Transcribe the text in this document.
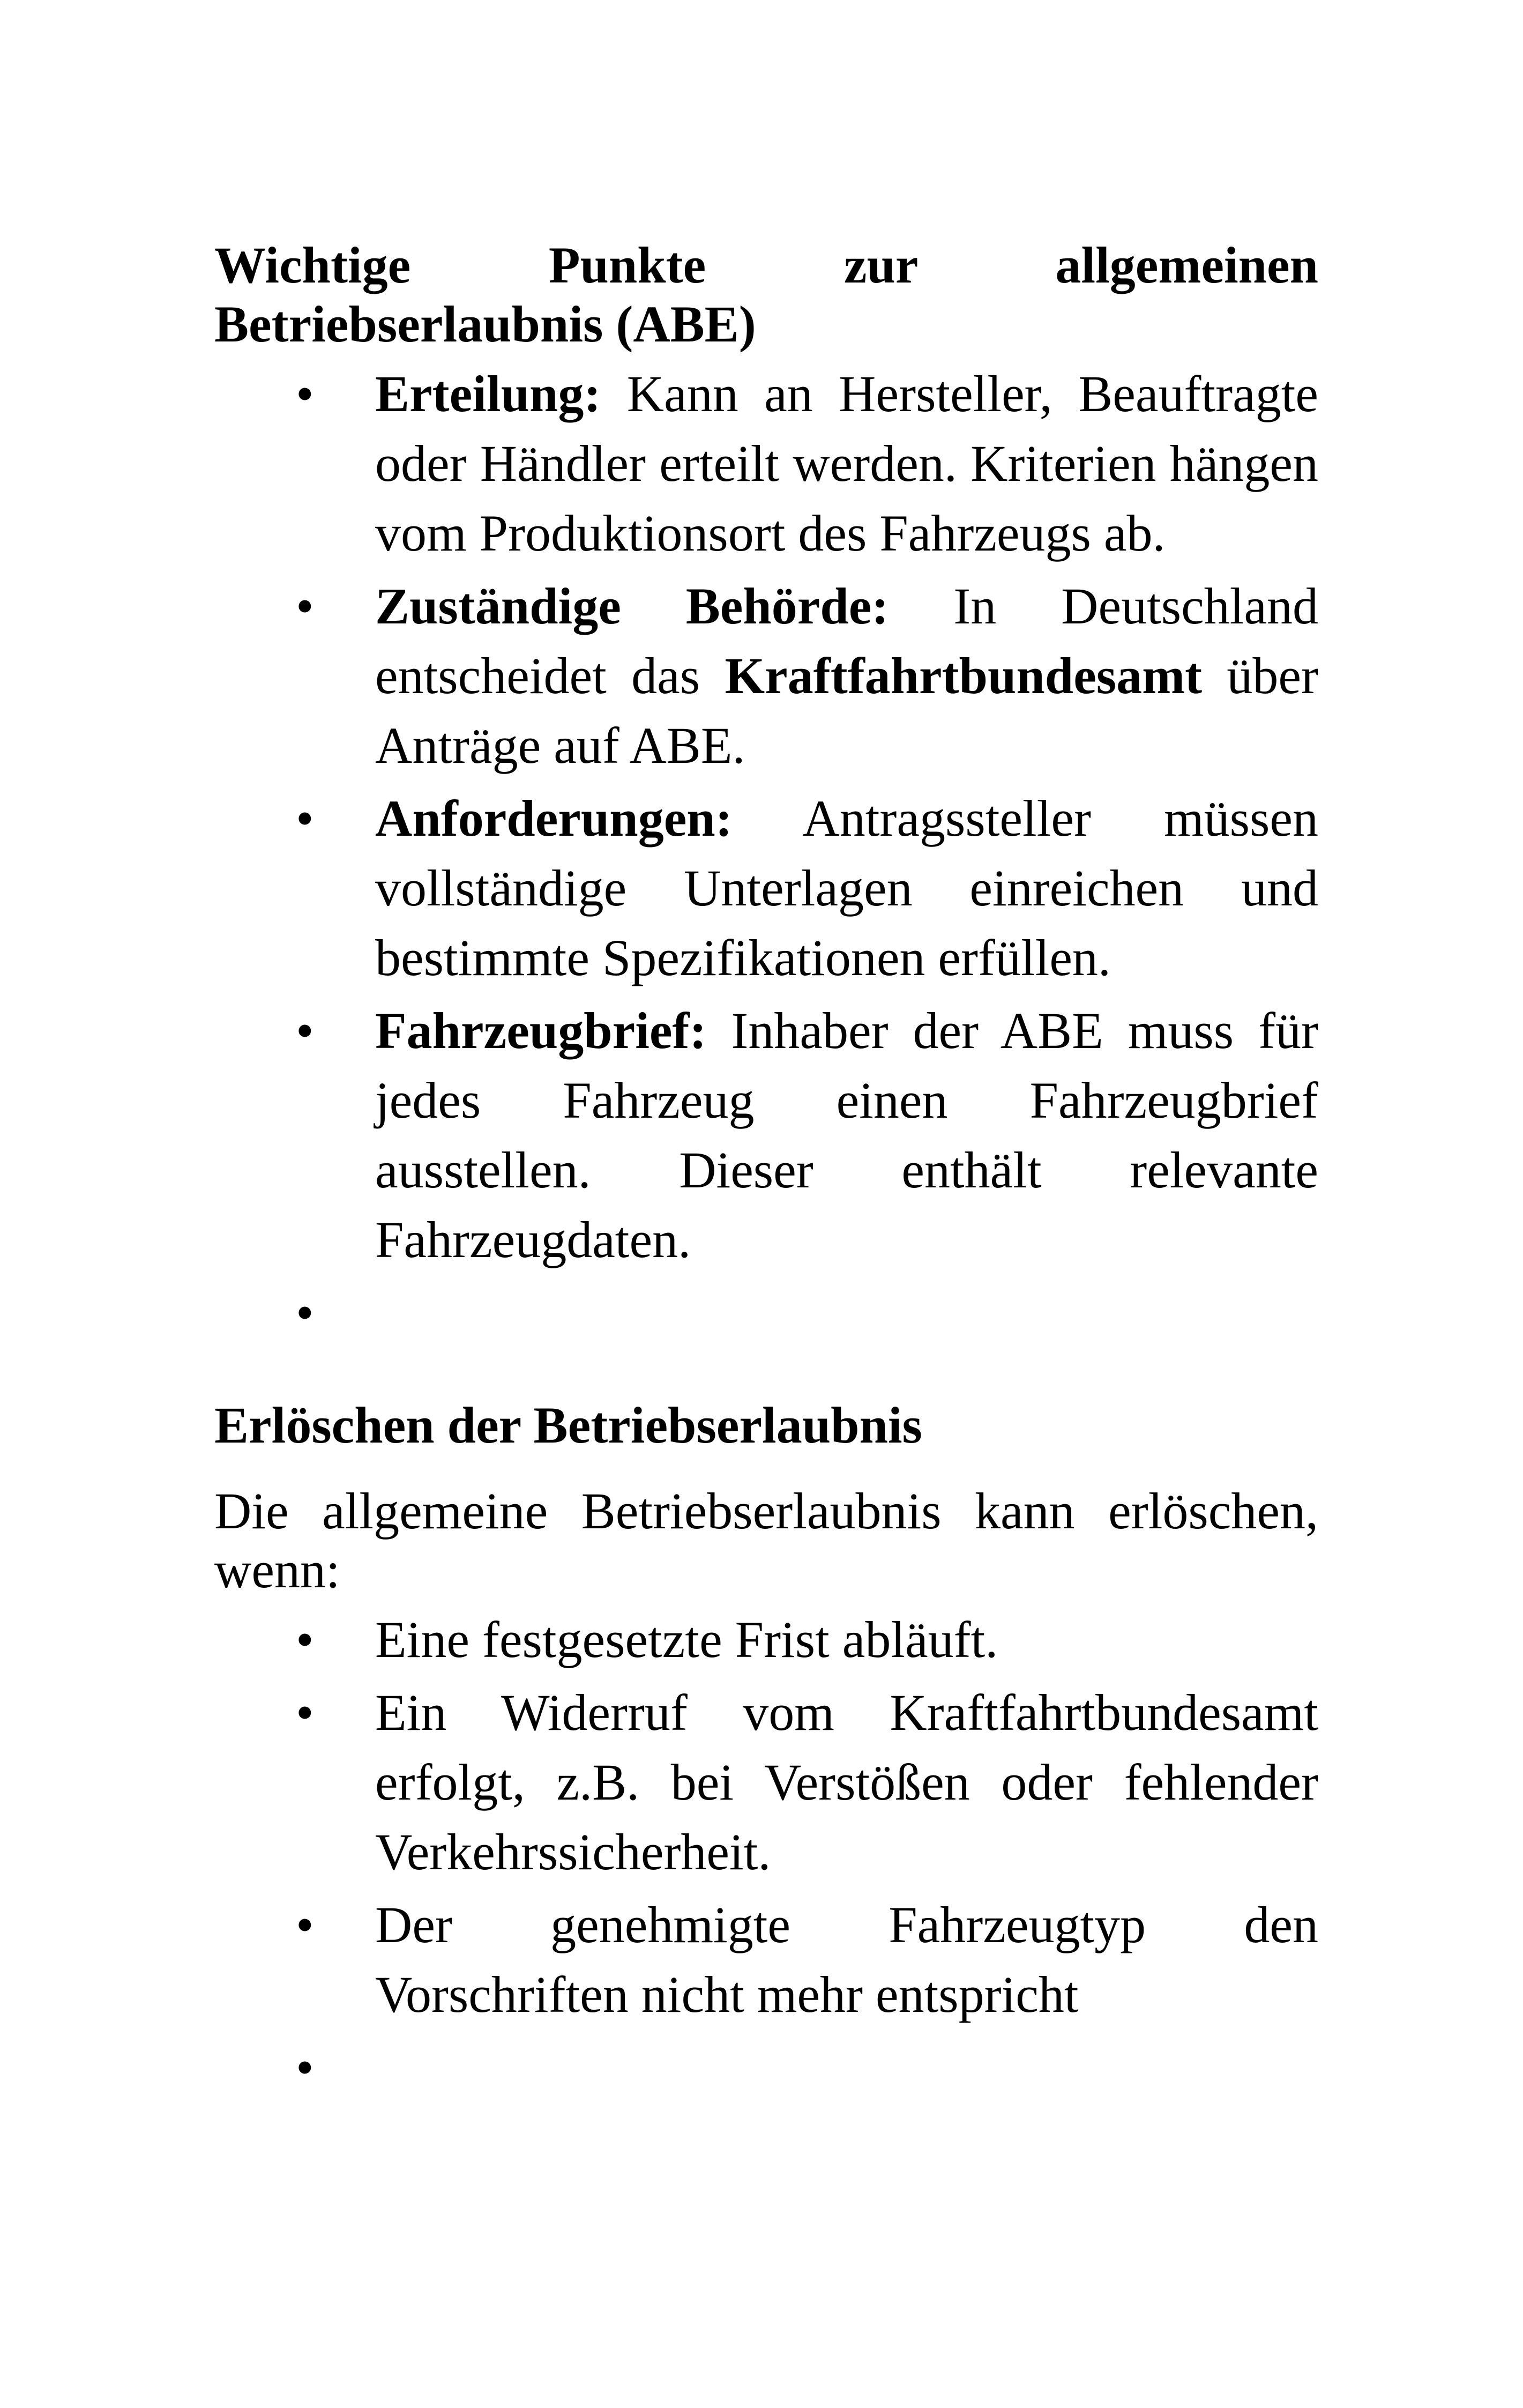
Wichtige Punkte zur allgemeinen Betriebserlaubnis (ABE)
• Erteilung: Kann an Hersteller, Beauftragte oder Händler erteilt werden. Kriterien hängen vom Produktionsort des Fahrzeugs ab.
• Zuständige Behörde: In Deutschland entscheidet das Kraftfahrtbundesamt über Anträge auf ABE.
• Anforderungen: Antragssteller müssen vollständige Unterlagen einreichen und bestimmte Spezifikationen erfüllen.
• Fahrzeugbrief: Inhaber der ABE muss für jedes Fahrzeug einen Fahrzeugbrief ausstellen. Dieser enthält relevante Fahrzeugdaten.
•
Erlöschen der Betriebserlaubnis

Die allgemeine Betriebserlaubnis kann erlöschen, wenn:

• Eine festgesetzte Frist abläuft.
• Ein Widerruf vom Kraftfahrtbundesamt erfolgt, z.B. bei Verstößen oder fehlender Verkehrssicherheit.
• Der genehmigte Fahrzeugtyp den Vorschriften nicht mehr entspricht
•
